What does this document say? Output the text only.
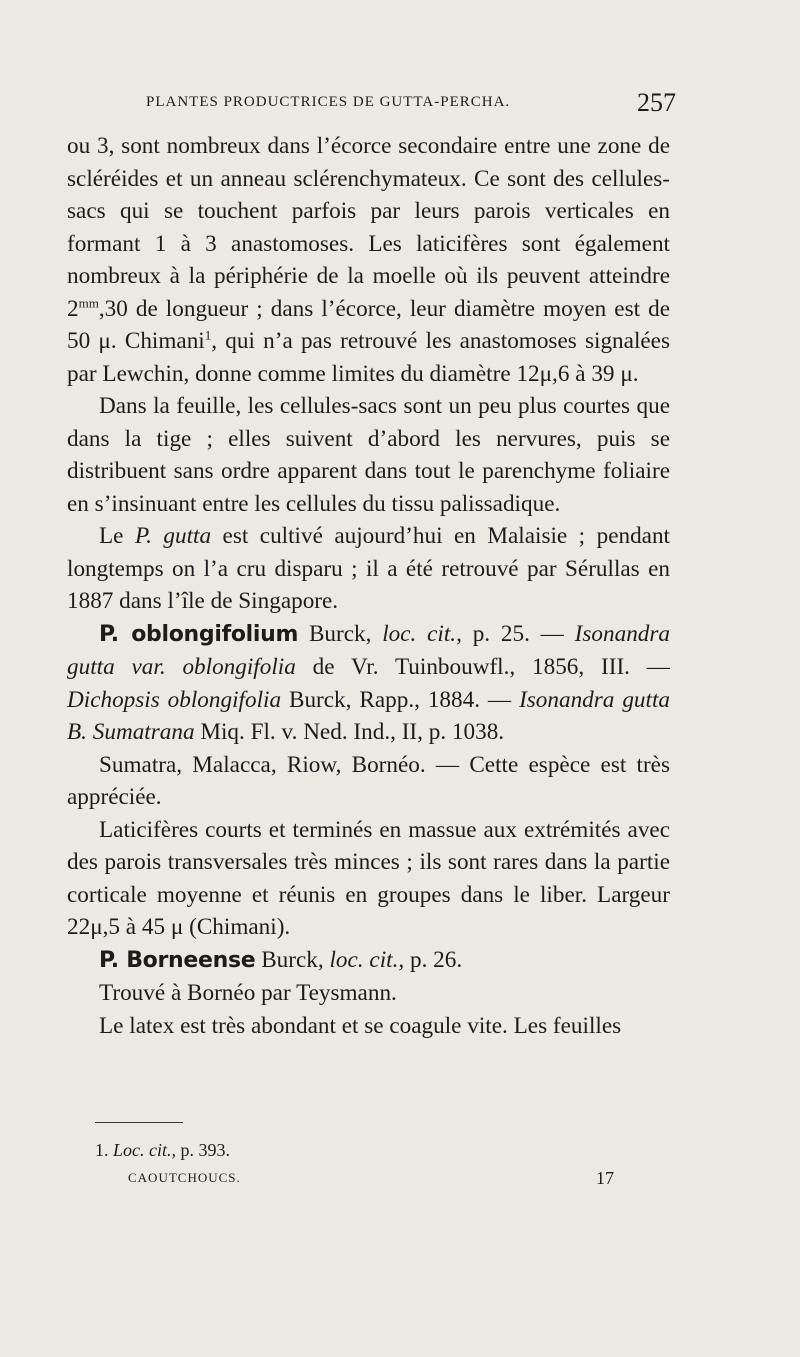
PLANTES PRODUCTRICES DE GUTTA-PERCHA.	257

ou 3, sont nombreux dans l’écorce secondaire entre une zone de scléréides et un anneau sclérenchymateux. Ce sont des cellules-sacs qui se touchent parfois par leurs parois verticales en formant 1 à 3 anastomoses. Les laticifères sont également nombreux à la périphérie de la moelle où ils peuvent atteindre $2^{mm},30$ de longueur ; dans l’écorce, leur diamètre moyen est de 50 μ. Chimani$^1$, qui n’a pas retrouvé les anastomoses signalées par Lewchin, donne comme limites du diamètre 12μ,6 à 39 μ.

Dans la feuille, les cellules-sacs sont un peu plus courtes que dans la tige ; elles suivent d’abord les nervures, puis se distribuent sans ordre apparent dans tout le parenchyme foliaire en s’insinuant entre les cellules du tissu palissadique.

Le P. gutta est cultivé aujourd’hui en Malaisie ; pendant longtemps on l’a cru disparu ; il a été retrouvé par Sérullas en 1887 dans l’île de Singapore.

P. oblongifolium Burck, loc. cit., p. 25. — Isonandra gutta var. oblongifolia de Vr. Tuinbouwfl., 1856, III. — Dichopsis oblongifolia Burck, Rapp., 1884. — Isonandra gutta B. Sumatrana Miq. Fl. v. Ned. Ind., II, p. 1038.

Sumatra, Malacca, Riow, Bornéo. — Cette espèce est très appréciée.

Laticifères courts et terminés en massue aux extrémités avec des parois transversales très minces ; ils sont rares dans la partie corticale moyenne et réunis en groupes dans le liber. Largeur 22μ,5 à 45 μ (Chimani).

P. Borneense Burck, loc. cit., p. 26.

Trouvé à Bornéo par Teysmann.

Le latex est très abondant et se coagule vite. Les feuilles

1. Loc. cit., p. 393.
CAOUTCHOUCS.	17
